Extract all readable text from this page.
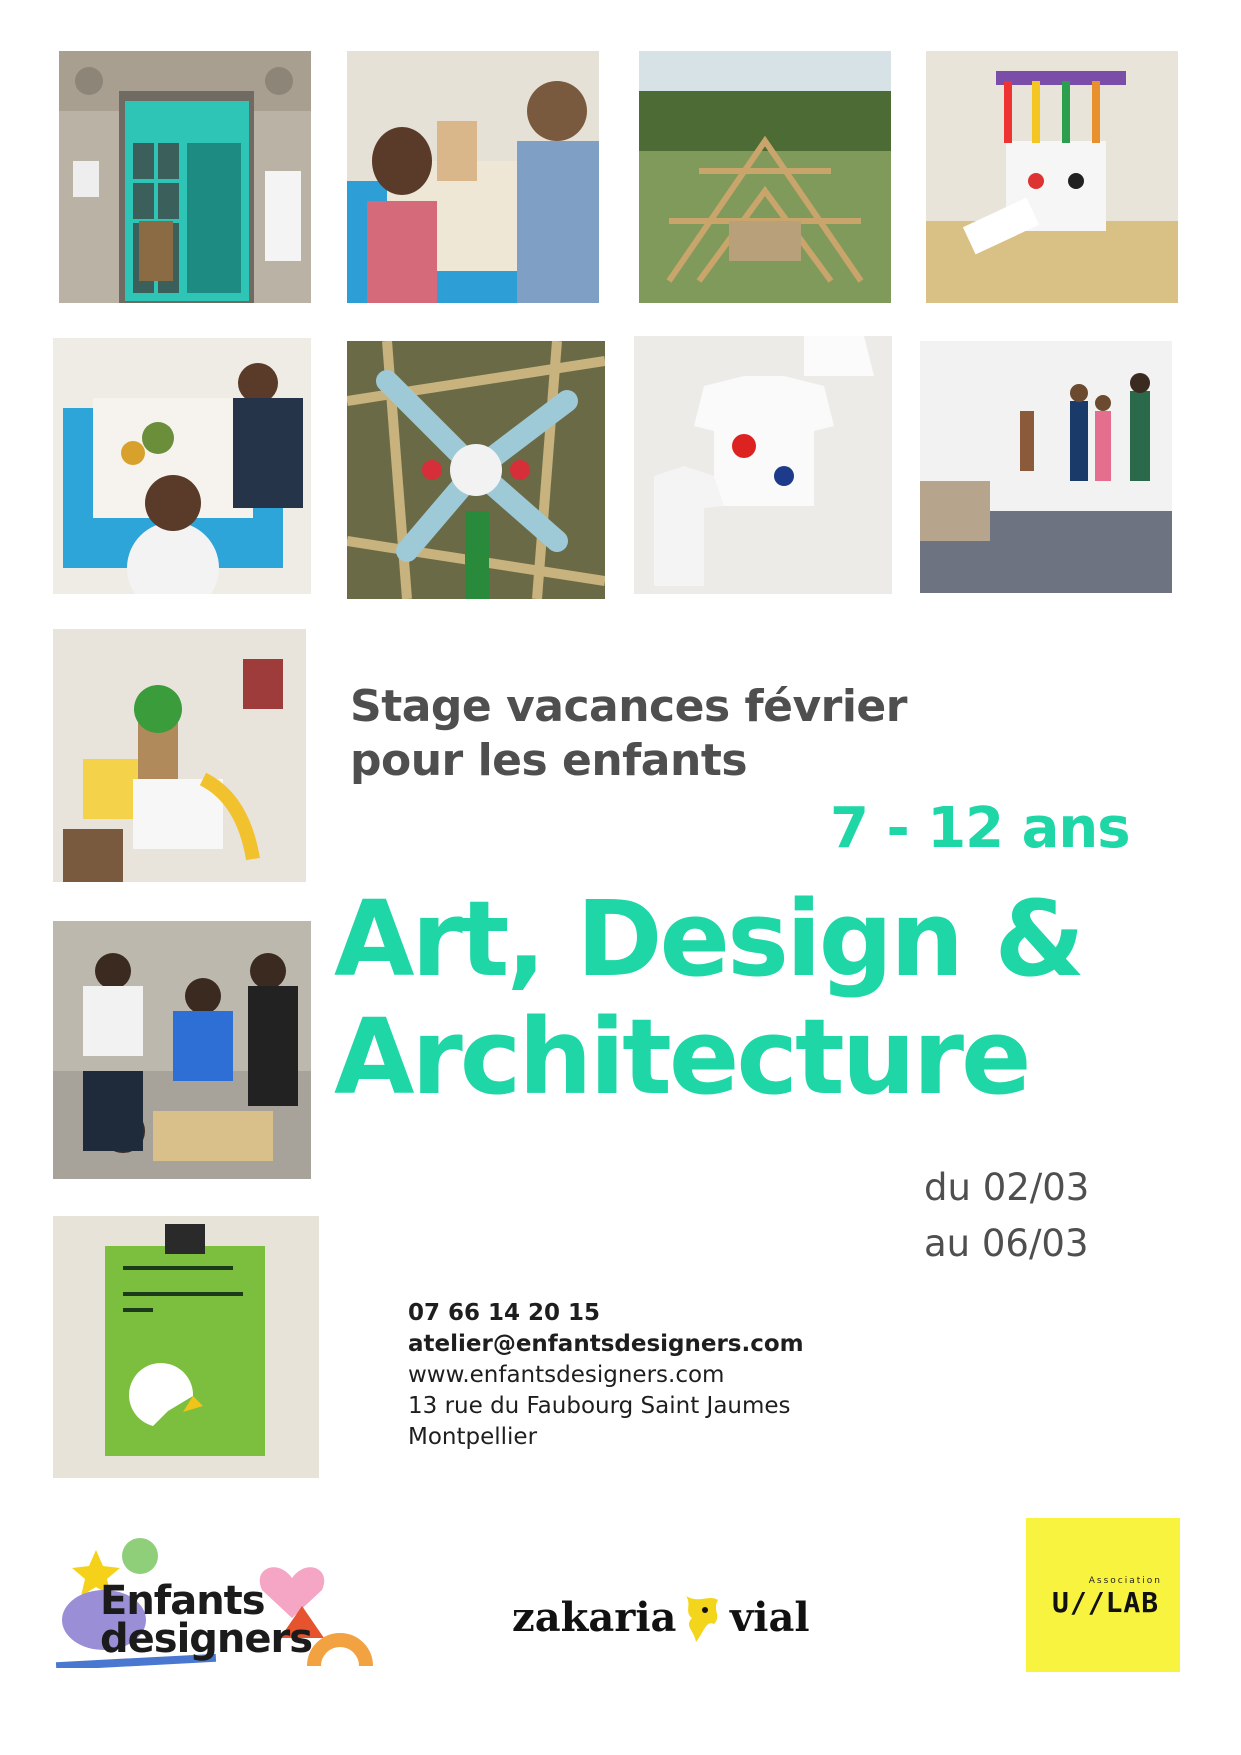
Stage vacances février
pour les enfants
7 - 12 ans
Art, Design &
Architecture
du 02/03
au 06/03
07 66 14 20 15
atelier@enfantsdesigners.com
www.enfantsdesigners.com
13 rue du Faubourg Saint Jaumes
Montpellier
Enfants designers	zakaria vial
Association
U//LAB
